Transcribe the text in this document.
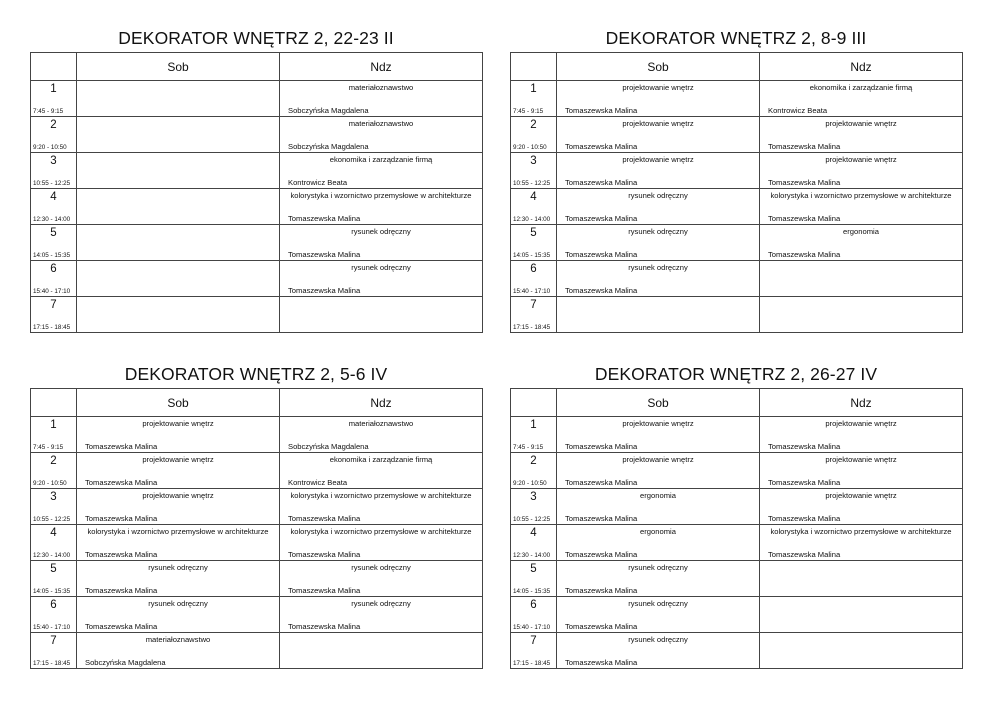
DEKORATOR WNĘTRZ 2, 22-23 II
	Sob	Ndz

1
7:45 - 9:15		materiałoznawstwo
Sobczyńska Magdalena

2
9:20 - 10:50		materiałoznawstwo
Sobczyńska Magdalena

3
10:55 - 12:25		ekonomika i zarządzanie firmą
Kontrowicz Beata

4
12:30 - 14:00		kolorystyka i wzornictwo przemysłowe w architekturze
Tomaszewska Malina

5
14:05 - 15:35		rysunek odręczny
Tomaszewska Malina

6
15:40 - 17:10		rysunek odręczny
Tomaszewska Malina

7
17:15 - 18:45		

DEKORATOR WNĘTRZ 2, 8-9 III
	Sob	Ndz

1
7:45 - 9:15	projektowanie wnętrz
Tomaszewska Malina	ekonomika i zarządzanie firmą
Kontrowicz Beata

2
9:20 - 10:50	projektowanie wnętrz
Tomaszewska Malina	projektowanie wnętrz
Tomaszewska Malina

3
10:55 - 12:25	projektowanie wnętrz
Tomaszewska Malina	projektowanie wnętrz
Tomaszewska Malina

4
12:30 - 14:00	rysunek odręczny
Tomaszewska Malina	kolorystyka i wzornictwo przemysłowe w architekturze
Tomaszewska Malina

5
14:05 - 15:35	rysunek odręczny
Tomaszewska Malina	ergonomia
Tomaszewska Malina

6
15:40 - 17:10	rysunek odręczny
Tomaszewska Malina	

7
17:15 - 18:45		

DEKORATOR WNĘTRZ 2, 5-6 IV
	Sob	Ndz

1
7:45 - 9:15	projektowanie wnętrz
Tomaszewska Malina	materiałoznawstwo
Sobczyńska Magdalena

2
9:20 - 10:50	projektowanie wnętrz
Tomaszewska Malina	ekonomika i zarządzanie firmą
Kontrowicz Beata

3
10:55 - 12:25	projektowanie wnętrz
Tomaszewska Malina	kolorystyka i wzornictwo przemysłowe w architekturze
Tomaszewska Malina

4
12:30 - 14:00	kolorystyka i wzornictwo przemysłowe w architekturze
Tomaszewska Malina	kolorystyka i wzornictwo przemysłowe w architekturze
Tomaszewska Malina

5
14:05 - 15:35	rysunek odręczny
Tomaszewska Malina	rysunek odręczny
Tomaszewska Malina

6
15:40 - 17:10	rysunek odręczny
Tomaszewska Malina	rysunek odręczny
Tomaszewska Malina

7
17:15 - 18:45	materiałoznawstwo
Sobczyńska Magdalena	

DEKORATOR WNĘTRZ 2, 26-27 IV
	Sob	Ndz

1
7:45 - 9:15	projektowanie wnętrz
Tomaszewska Malina	projektowanie wnętrz
Tomaszewska Malina

2
9:20 - 10:50	projektowanie wnętrz
Tomaszewska Malina	projektowanie wnętrz
Tomaszewska Malina

3
10:55 - 12:25	ergonomia
Tomaszewska Malina	projektowanie wnętrz
Tomaszewska Malina

4
12:30 - 14:00	ergonomia
Tomaszewska Malina	kolorystyka i wzornictwo przemysłowe w architekturze
Tomaszewska Malina

5
14:05 - 15:35	rysunek odręczny
Tomaszewska Malina	

6
15:40 - 17:10	rysunek odręczny
Tomaszewska Malina	

7
17:15 - 18:45	rysunek odręczny
Tomaszewska Malina	
